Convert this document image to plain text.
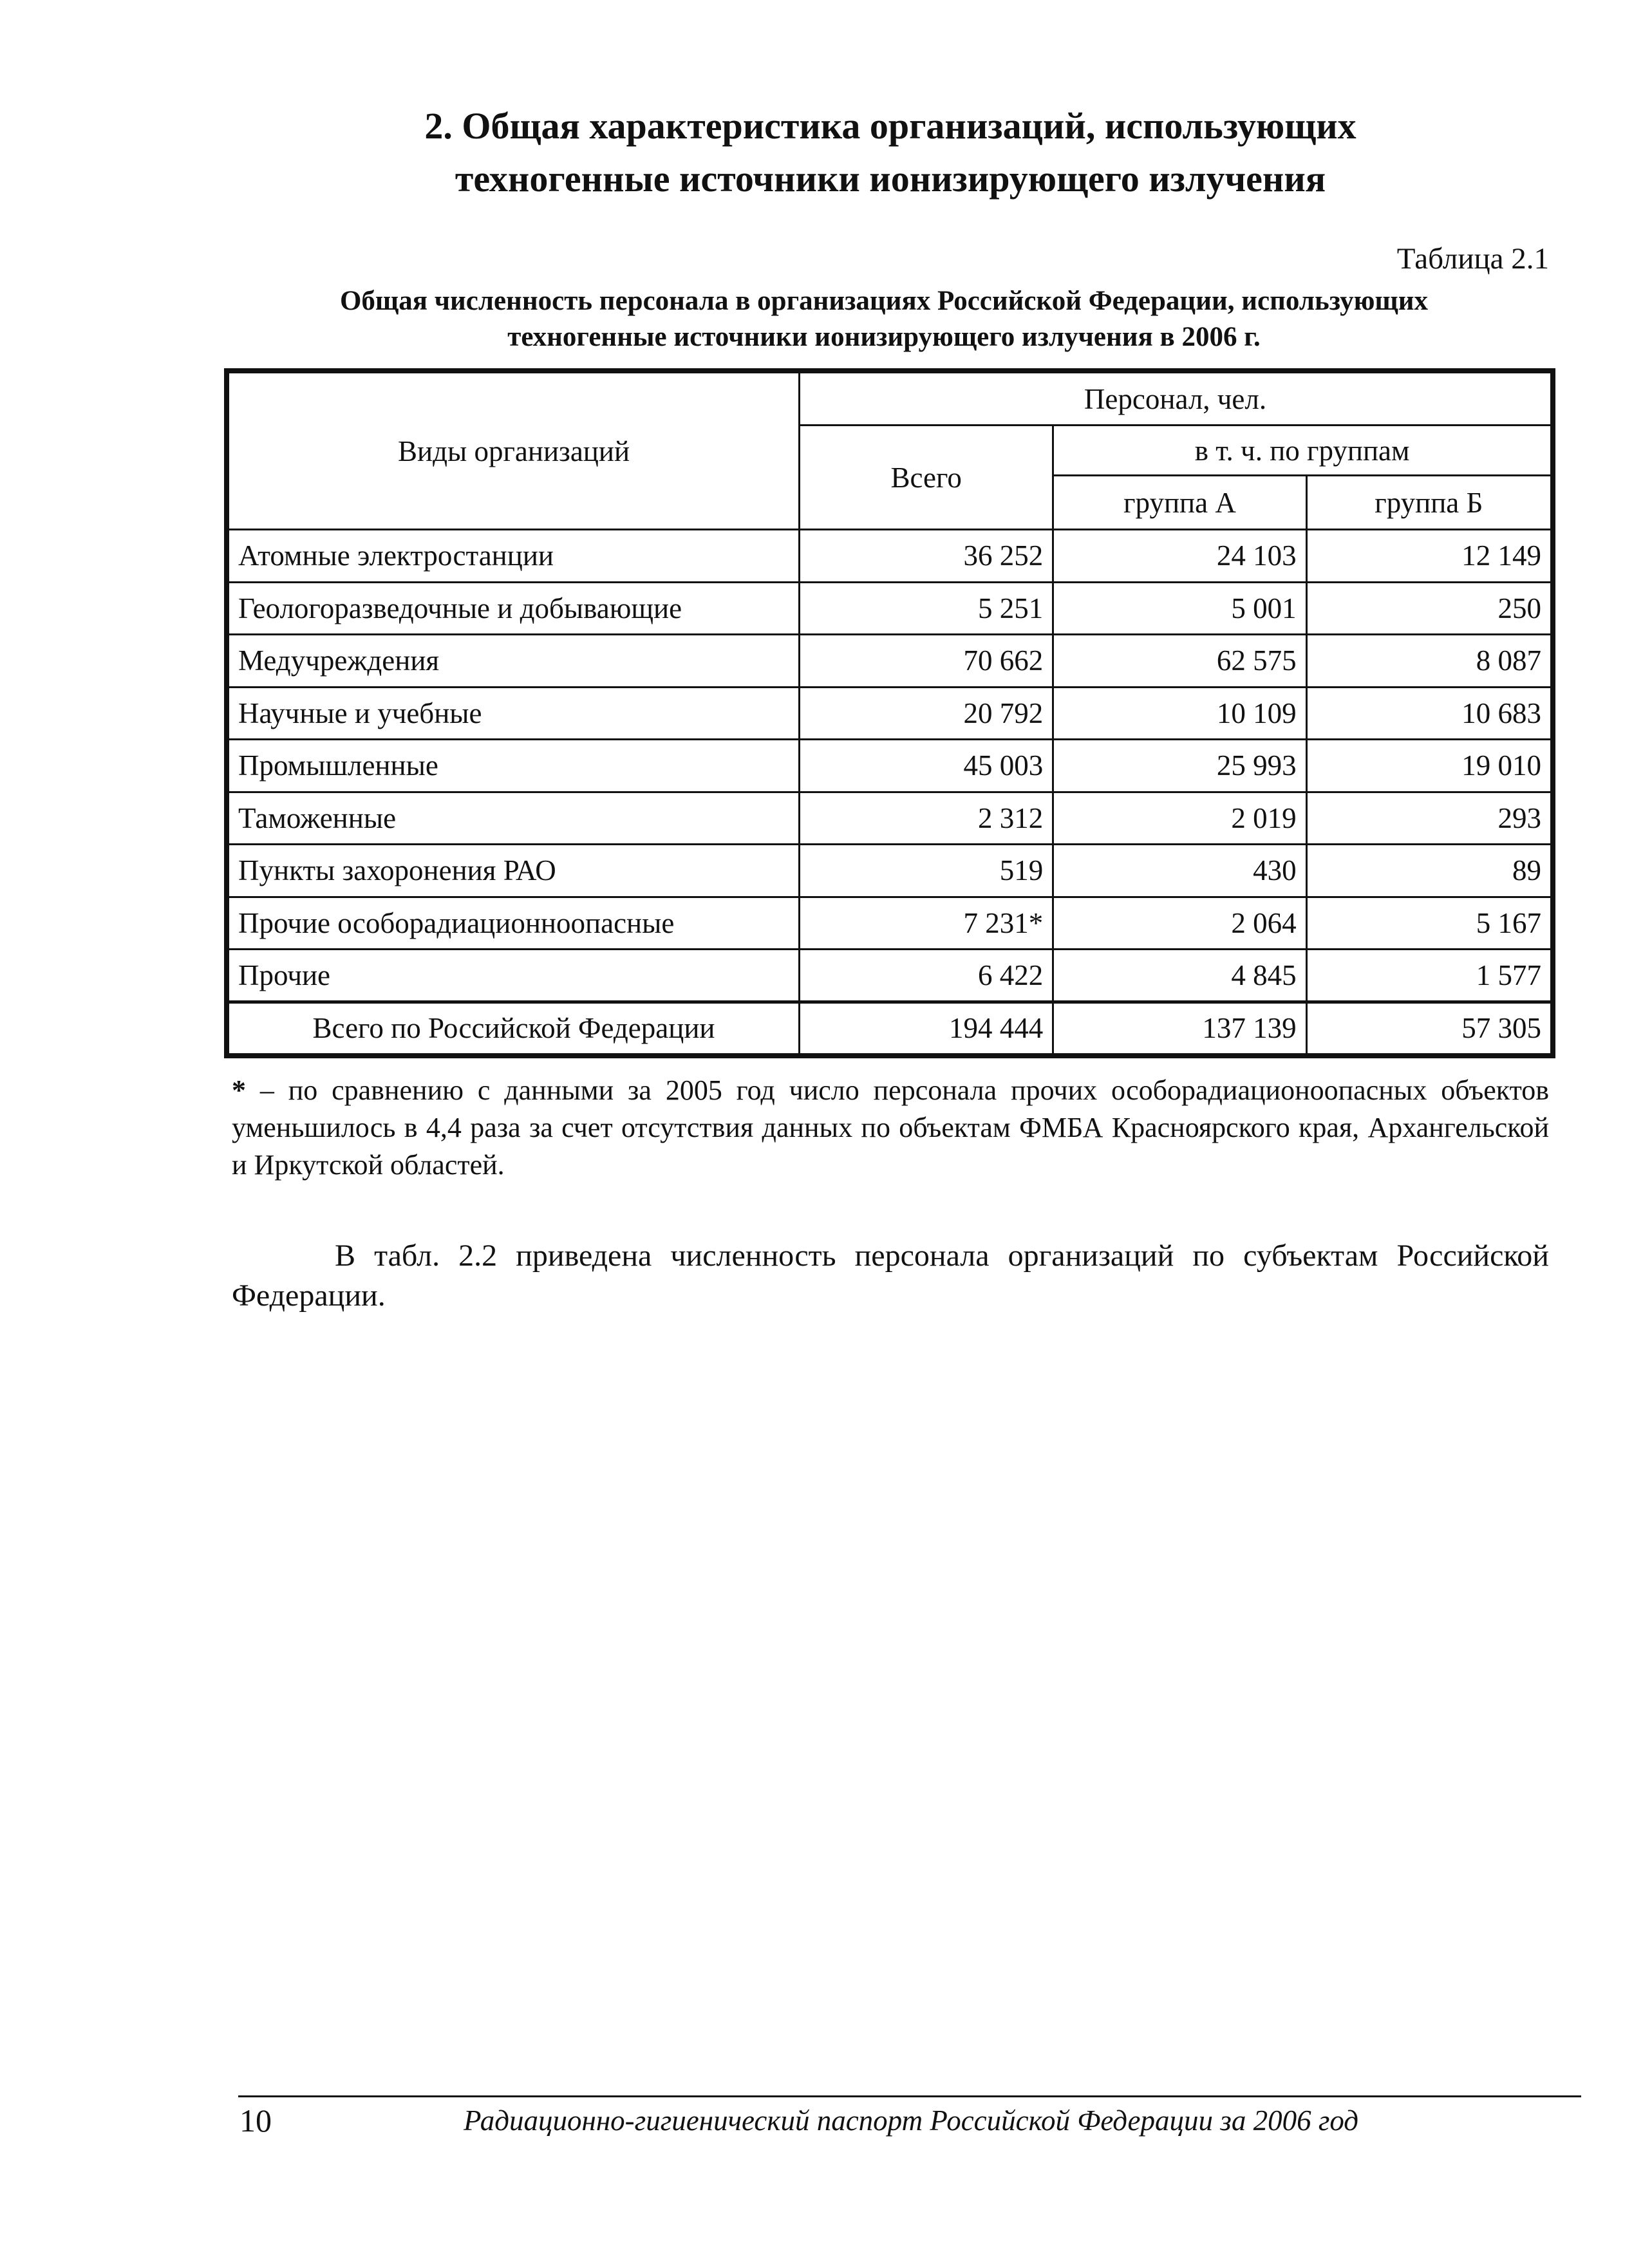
2. Общая характеристика организаций, использующих
техногенные источники ионизирующего излучения
Таблица 2.1
Общая численность персонала в организациях Российской Федерации, использующих
техногенные источники ионизирующего излучения в 2006 г.
Виды организаций	Персонал, чел.		
	Всего	в т. ч. по группам	
		группа А	группа Б
Атомные электростанции	36 252	24 103	12 149
Геологоразведочные и добывающие	5 251	5 001	250
Медучреждения	70 662	62 575	8 087
Научные и учебные	20 792	10 109	10 683
Промышленные	45 003	25 993	19 010
Таможенные	2 312	2 019	293
Пункты захоронения РАО	519	430	89
Прочие особорадиационноопасные	7 231*	2 064	5 167
Прочие	6 422	4 845	1 577
Всего по Российской Федерации	194 444	137 139	57 305
* – по сравнению с данными за 2005 год число персонала прочих особорадиационоопасных объектов уменьшилось в 4,4 раза за счет отсутствия данных по объектам ФМБА Красноярского края, Архангельской и Иркутской областей.
В табл. 2.2 приведена численность персонала организаций по субъектам Российской Федерации.
10	Радиационно-гигиенический паспорт Российской Федерации за 2006 год
